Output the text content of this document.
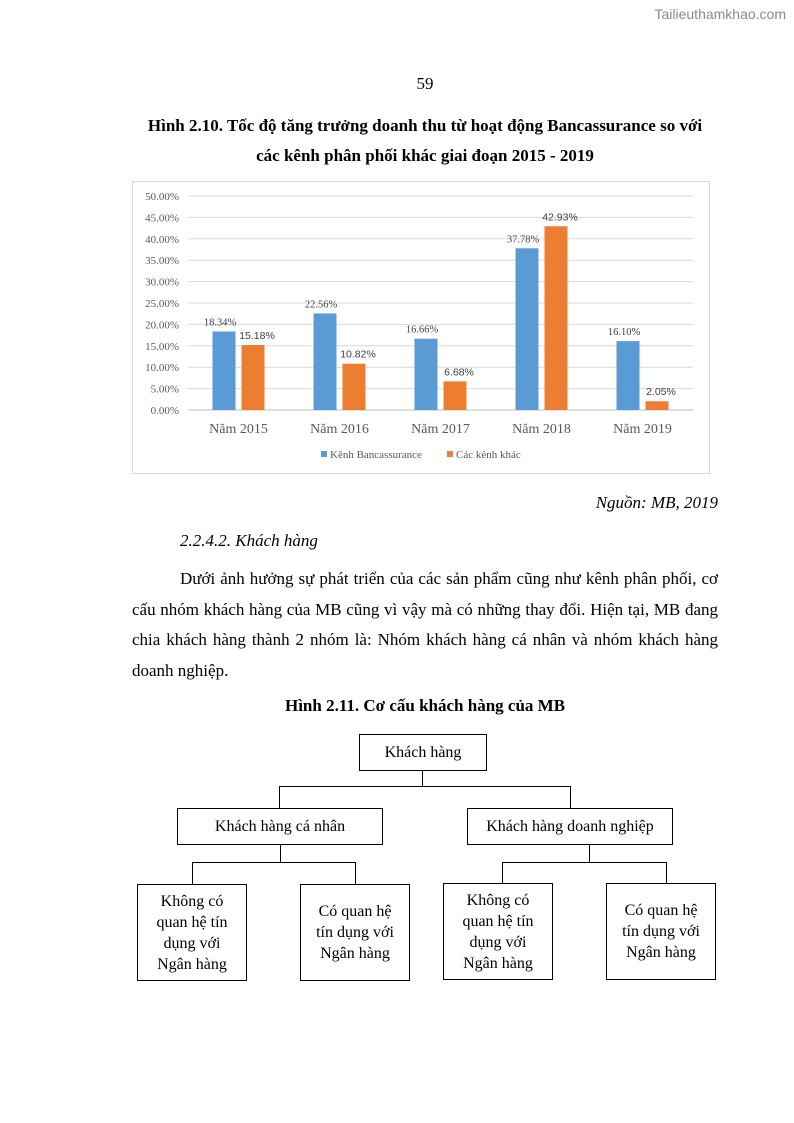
Tailieuthamkhao.com
59
Hình 2.10. Tốc độ tăng trưởng doanh thu từ hoạt động Bancassurance so với
các kênh phân phối khác giai đoạn 2015 - 2019
0.00%
5.00%
10.00%
15.00%
20.00%
25.00%
30.00%
35.00%
40.00%
45.00%
50.00%
18.34%
15.18%
Năm 2015
22.56%
10.82%
Năm 2016
16.66%
6.68%
Năm 2017
37.78%
42.93%
Năm 2018
16.10%
2.05%
Năm 2019
Kênh Bancassurance	Các kênh khác
Nguồn: MB, 2019
2.2.4.2. Khách hàng
Dưới ảnh hưởng sự phát triển của các sản phẩm cũng như kênh phân phối, cơ
cấu nhóm khách hàng của MB cũng vì vậy mà có những thay đổi. Hiện tại, MB đang
chia khách hàng thành 2 nhóm là: Nhóm khách hàng cá nhân và nhóm khách hàng
doanh nghiệp.
Hình 2.11. Cơ cấu khách hàng của MB
Khách hàng
Khách hàng cá nhân	Khách hàng doanh nghiệp
Không có
quan hệ tín
dụng với
Ngân hàng
Có quan hệ
tín dụng với
Ngân hàng
Không có
quan hệ tín
dụng với
Ngân hàng
Có quan hệ
tín dụng với
Ngân hàng
